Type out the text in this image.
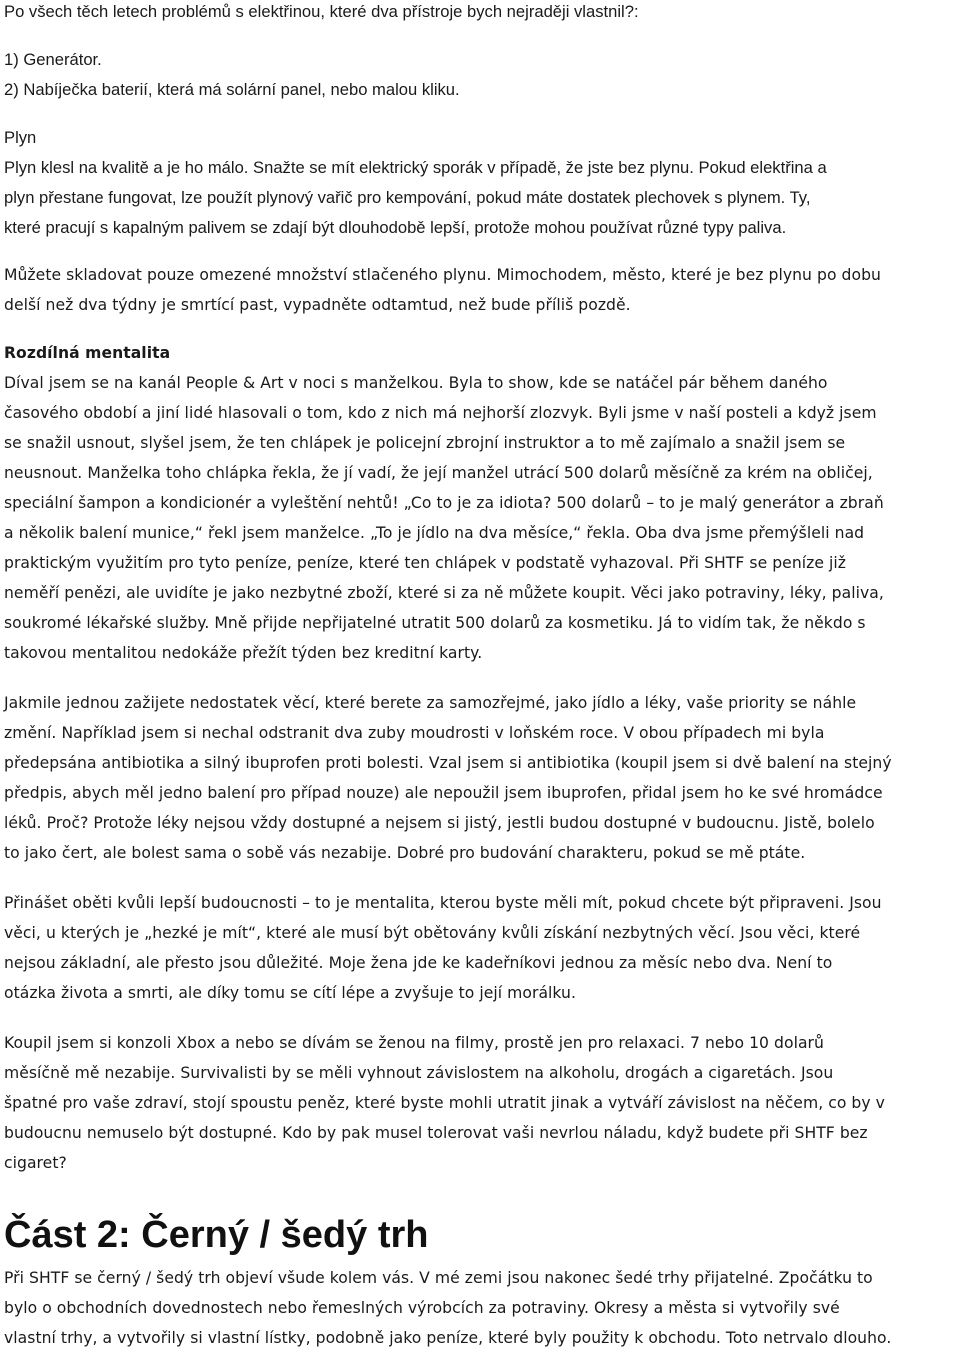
Po všech těch letech problémů s elektřinou, které dva přístroje bych nejraději vlastnil?:

1) Generátor.

2) Nabíječka baterií, která má solární panel, nebo malou kliku.

Plyn

Plyn klesl na kvalitě a je ho málo. Snažte se mít elektrický sporák v případě, že jste bez plynu. Pokud elektřina a

plyn přestane fungovat, lze použít plynový vařič pro kempování, pokud máte dostatek plechovek s plynem. Ty,

které pracují s kapalným palivem se zdají být dlouhodobě lepší, protože mohou používat různé typy paliva.

Můžete skladovat pouze omezené množství stlačeného plynu. Mimochodem, město, které je bez plynu po dobu

delší než dva týdny je smrtící past, vypadněte odtamtud, než bude příliš pozdě.

Rozdílná mentalita

Díval jsem se na kanál People & Art v noci s manželkou. Byla to show, kde se natáčel pár během daného

časového období a jiní lidé hlasovali o tom, kdo z nich má nejhorší zlozvyk. Byli jsme v naší posteli a když jsem

se snažil usnout, slyšel jsem, že ten chlápek je policejní zbrojní instruktor a to mě zajímalo a snažil jsem se

neusnout. Manželka toho chlápka řekla, že jí vadí, že její manžel utrácí 500 dolarů měsíčně za krém na obličej,

speciální šampon a kondicionér a vyleštění nehtů! „Co to je za idiota? 500 dolarů – to je malý generátor a zbraň

a několik balení munice,“ řekl jsem manželce. „To je jídlo na dva měsíce,“ řekla. Oba dva jsme přemýšleli nad

praktickým využitím pro tyto peníze, peníze, které ten chlápek v podstatě vyhazoval. Při SHTF se peníze již

neměří penězi, ale uvidíte je jako nezbytné zboží, které si za ně můžete koupit. Věci jako potraviny, léky, paliva,

soukromé lékařské služby. Mně přijde nepřijatelné utratit 500 dolarů za kosmetiku. Já to vidím tak, že někdo s

takovou mentalitou nedokáže přežít týden bez kreditní karty.

Jakmile jednou zažijete nedostatek věcí, které berete za samozřejmé, jako jídlo a léky, vaše priority se náhle

změní. Například jsem si nechal odstranit dva zuby moudrosti v loňském roce. V obou případech mi byla

předepsána antibiotika a silný ibuprofen proti bolesti. Vzal jsem si antibiotika (koupil jsem si dvě balení na stejný

předpis, abych měl jedno balení pro případ nouze) ale nepoužil jsem ibuprofen, přidal jsem ho ke své hromádce

léků. Proč? Protože léky nejsou vždy dostupné a nejsem si jistý, jestli budou dostupné v budoucnu. Jistě, bolelo

to jako čert, ale bolest sama o sobě vás nezabije. Dobré pro budování charakteru, pokud se mě ptáte.

Přinášet oběti kvůli lepší budoucnosti – to je mentalita, kterou byste měli mít, pokud chcete být připraveni. Jsou

věci, u kterých je „hezké je mít“, které ale musí být obětovány kvůli získání nezbytných věcí. Jsou věci, které

nejsou základní, ale přesto jsou důležité. Moje žena jde ke kadeřníkovi jednou za měsíc nebo dva. Není to

otázka života a smrti, ale díky tomu se cítí lépe a zvyšuje to její morálku.

Koupil jsem si konzoli Xbox a nebo se dívám se ženou na filmy, prostě jen pro relaxaci. 7 nebo 10 dolarů

měsíčně mě nezabije. Survivalisti by se měli vyhnout závislostem na alkoholu, drogách a cigaretách. Jsou

špatné pro vaše zdraví, stojí spoustu peněz, které byste mohli utratit jinak a vytváří závislost na něčem, co by v

budoucnu nemuselo být dostupné. Kdo by pak musel tolerovat vaši nevrlou náladu, když budete při SHTF bez

cigaret?

Část 2: Černý / šedý trh

Při SHTF se černý / šedý trh objeví všude kolem vás. V mé zemi jsou nakonec šedé trhy přijatelné. Zpočátku to

bylo o obchodních dovednostech nebo řemeslných výrobcích za potraviny. Okresy a města si vytvořily své

vlastní trhy, a vytvořily si vlastní lístky, podobně jako peníze, které byly použity k obchodu. Toto netrvalo dlouho.
